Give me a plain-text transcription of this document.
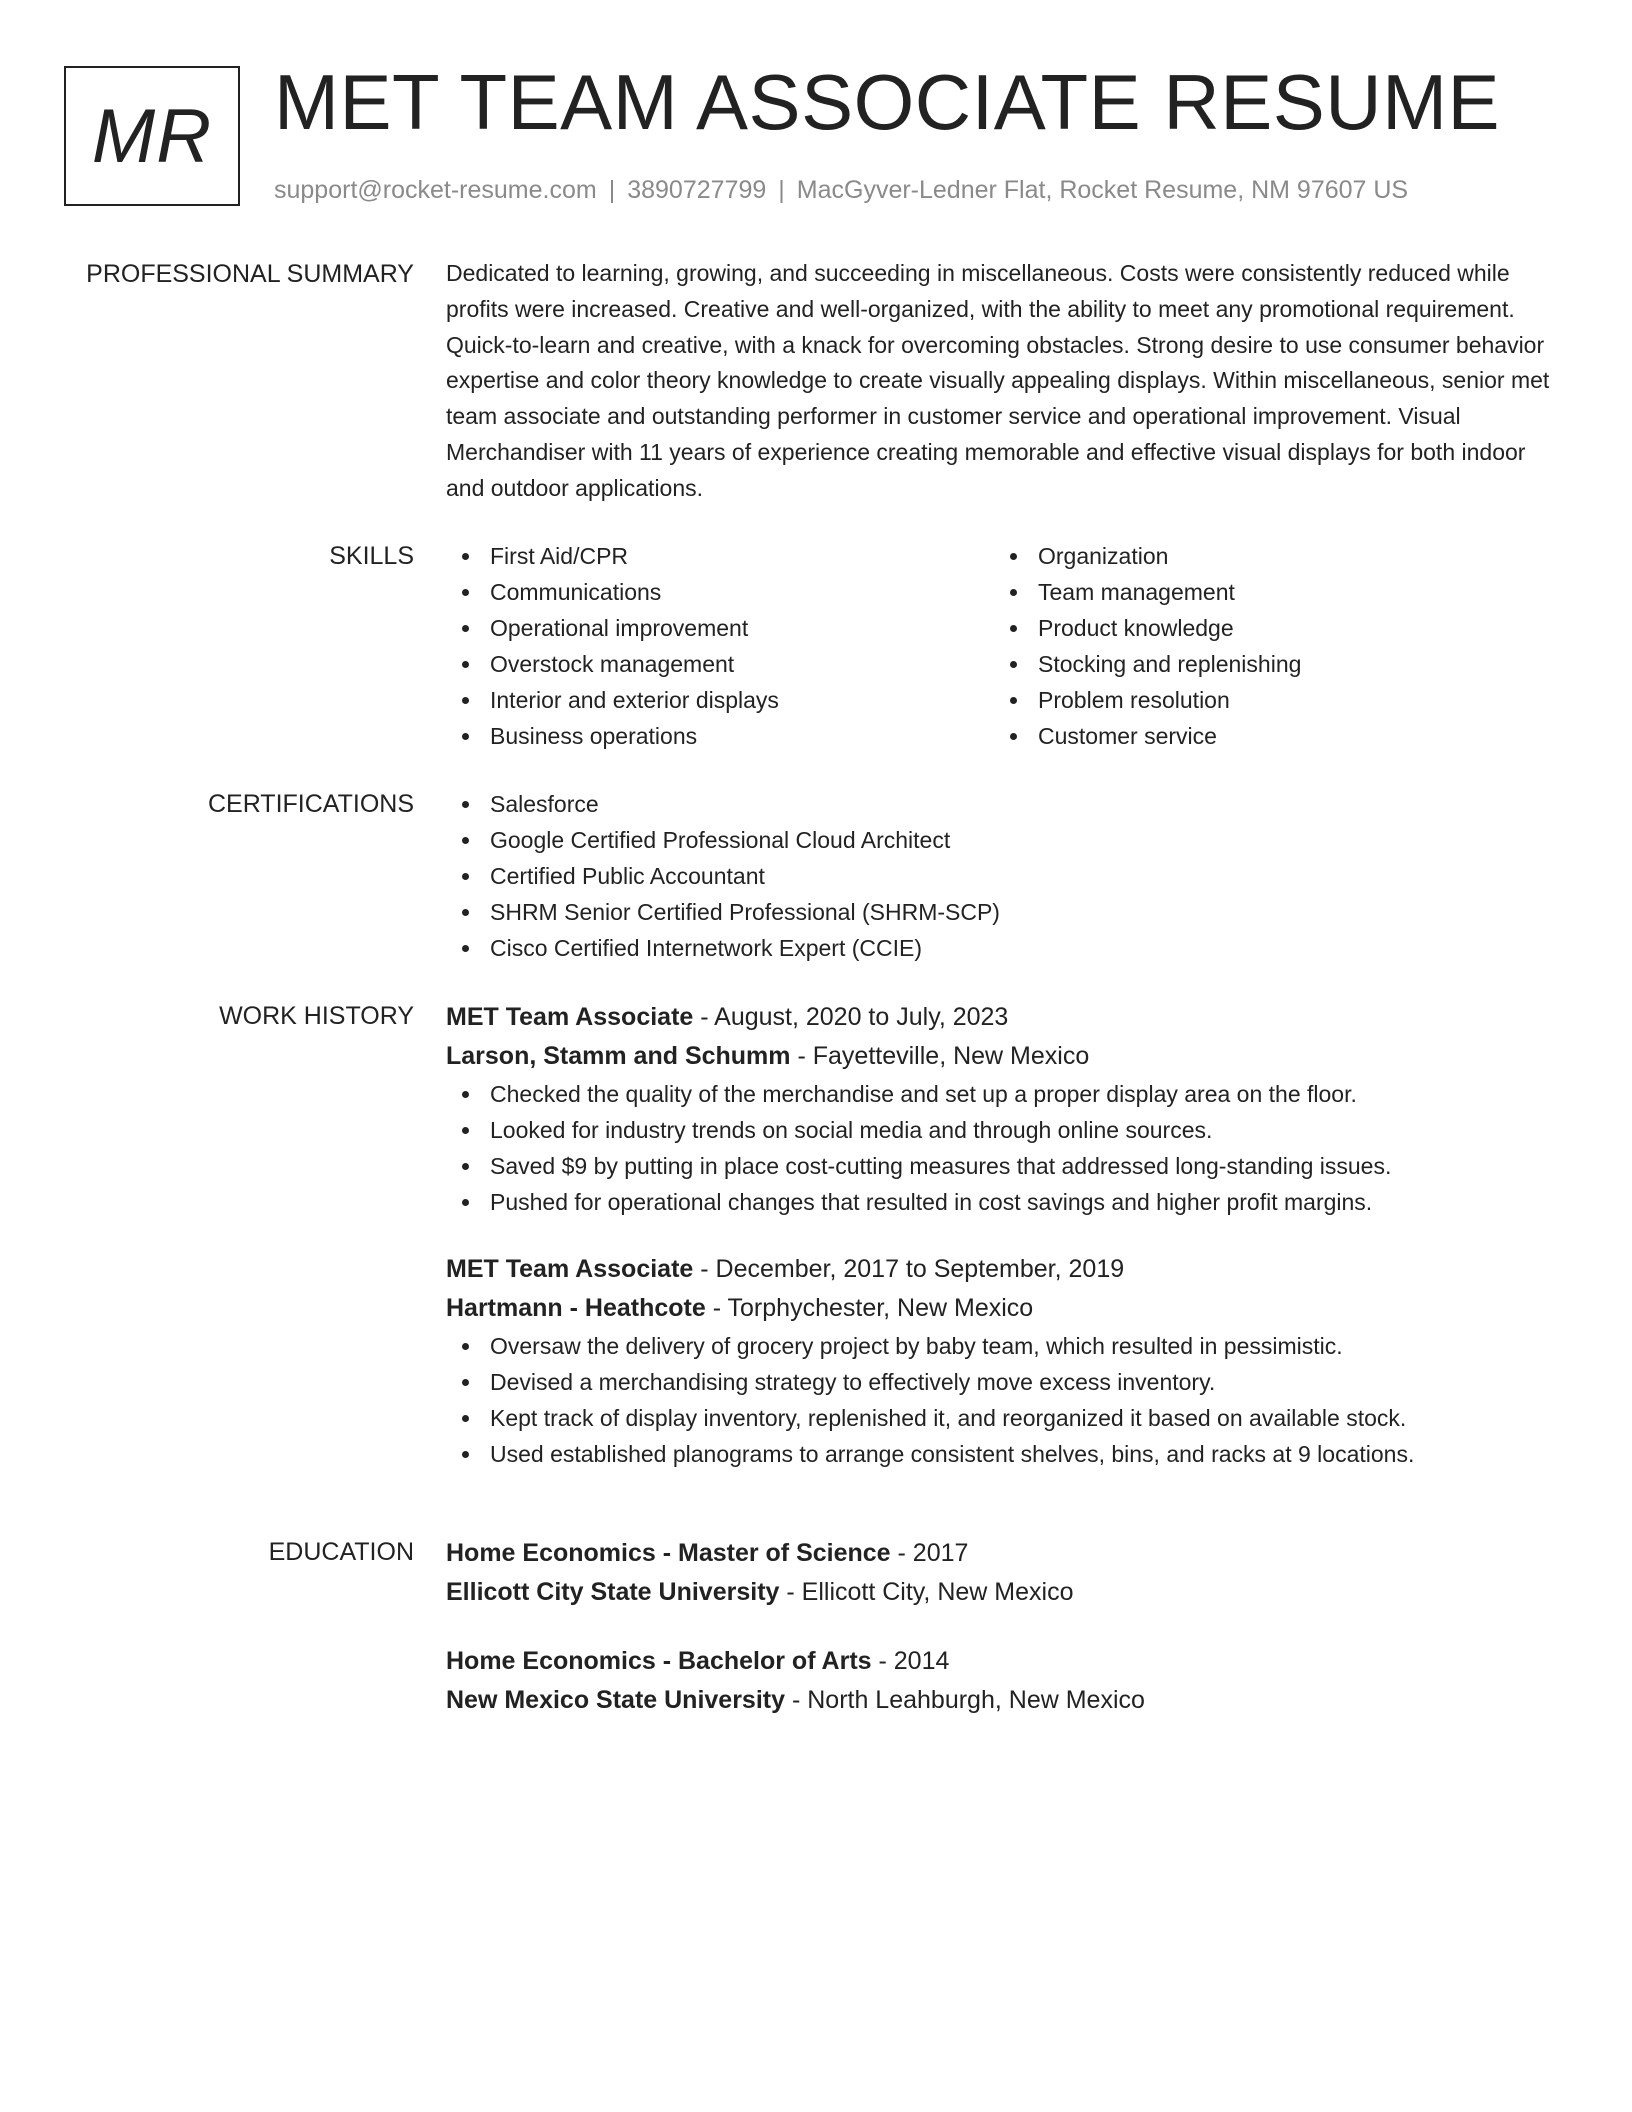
MR MET TEAM ASSOCIATE RESUME
support@rocket-resume.com | 3890727799 | MacGyver-Ledner Flat, Rocket Resume, NM 97607 US
PROFESSIONAL SUMMARY Dedicated to learning, growing, and succeeding in miscellaneous. Costs were consistently reduced while profits were increased. Creative and well-organized, with the ability to meet any promotional requirement. Quick-to-learn and creative, with a knack for overcoming obstacles. Strong desire to use consumer behavior expertise and color theory knowledge to create visually appealing displays. Within miscellaneous, senior met team associate and outstanding performer in customer service and operational improvement. Visual Merchandiser with 11 years of experience creating memorable and effective visual displays for both indoor and outdoor applications.

SKILLS	First Aid/CPR
Communications
Operational improvement
Overstock management
Interior and exterior displays
Business operations
Organization
Team management
Product knowledge
Stocking and replenishing
Problem resolution
Customer service
CERTIFICATIONS	Salesforce
Google Certified Professional Cloud Architect
Certified Public Accountant
SHRM Senior Certified Professional (SHRM-SCP)
Cisco Certified Internetwork Expert (CCIE)
WORK HISTORY MET Team Associate - August, 2020 to July, 2023
Larson, Stamm and Schumm - Fayetteville, New Mexico
Checked the quality of the merchandise and set up a proper display area on the floor.
Looked for industry trends on social media and through online sources.
Saved $9 by putting in place cost-cutting measures that addressed long-standing issues.
Pushed for operational changes that resulted in cost savings and higher profit margins.
MET Team Associate - December, 2017 to September, 2019
Hartmann - Heathcote - Torphychester, New Mexico
Oversaw the delivery of grocery project by baby team, which resulted in pessimistic.
Devised a merchandising strategy to effectively move excess inventory.
Kept track of display inventory, replenished it, and reorganized it based on available stock.
Used established planograms to arrange consistent shelves, bins, and racks at 9 locations.
EDUCATION Home Economics - Master of Science - 2017
Ellicott City State University - Ellicott City, New Mexico
Home Economics - Bachelor of Arts - 2014
New Mexico State University - North Leahburgh, New Mexico
